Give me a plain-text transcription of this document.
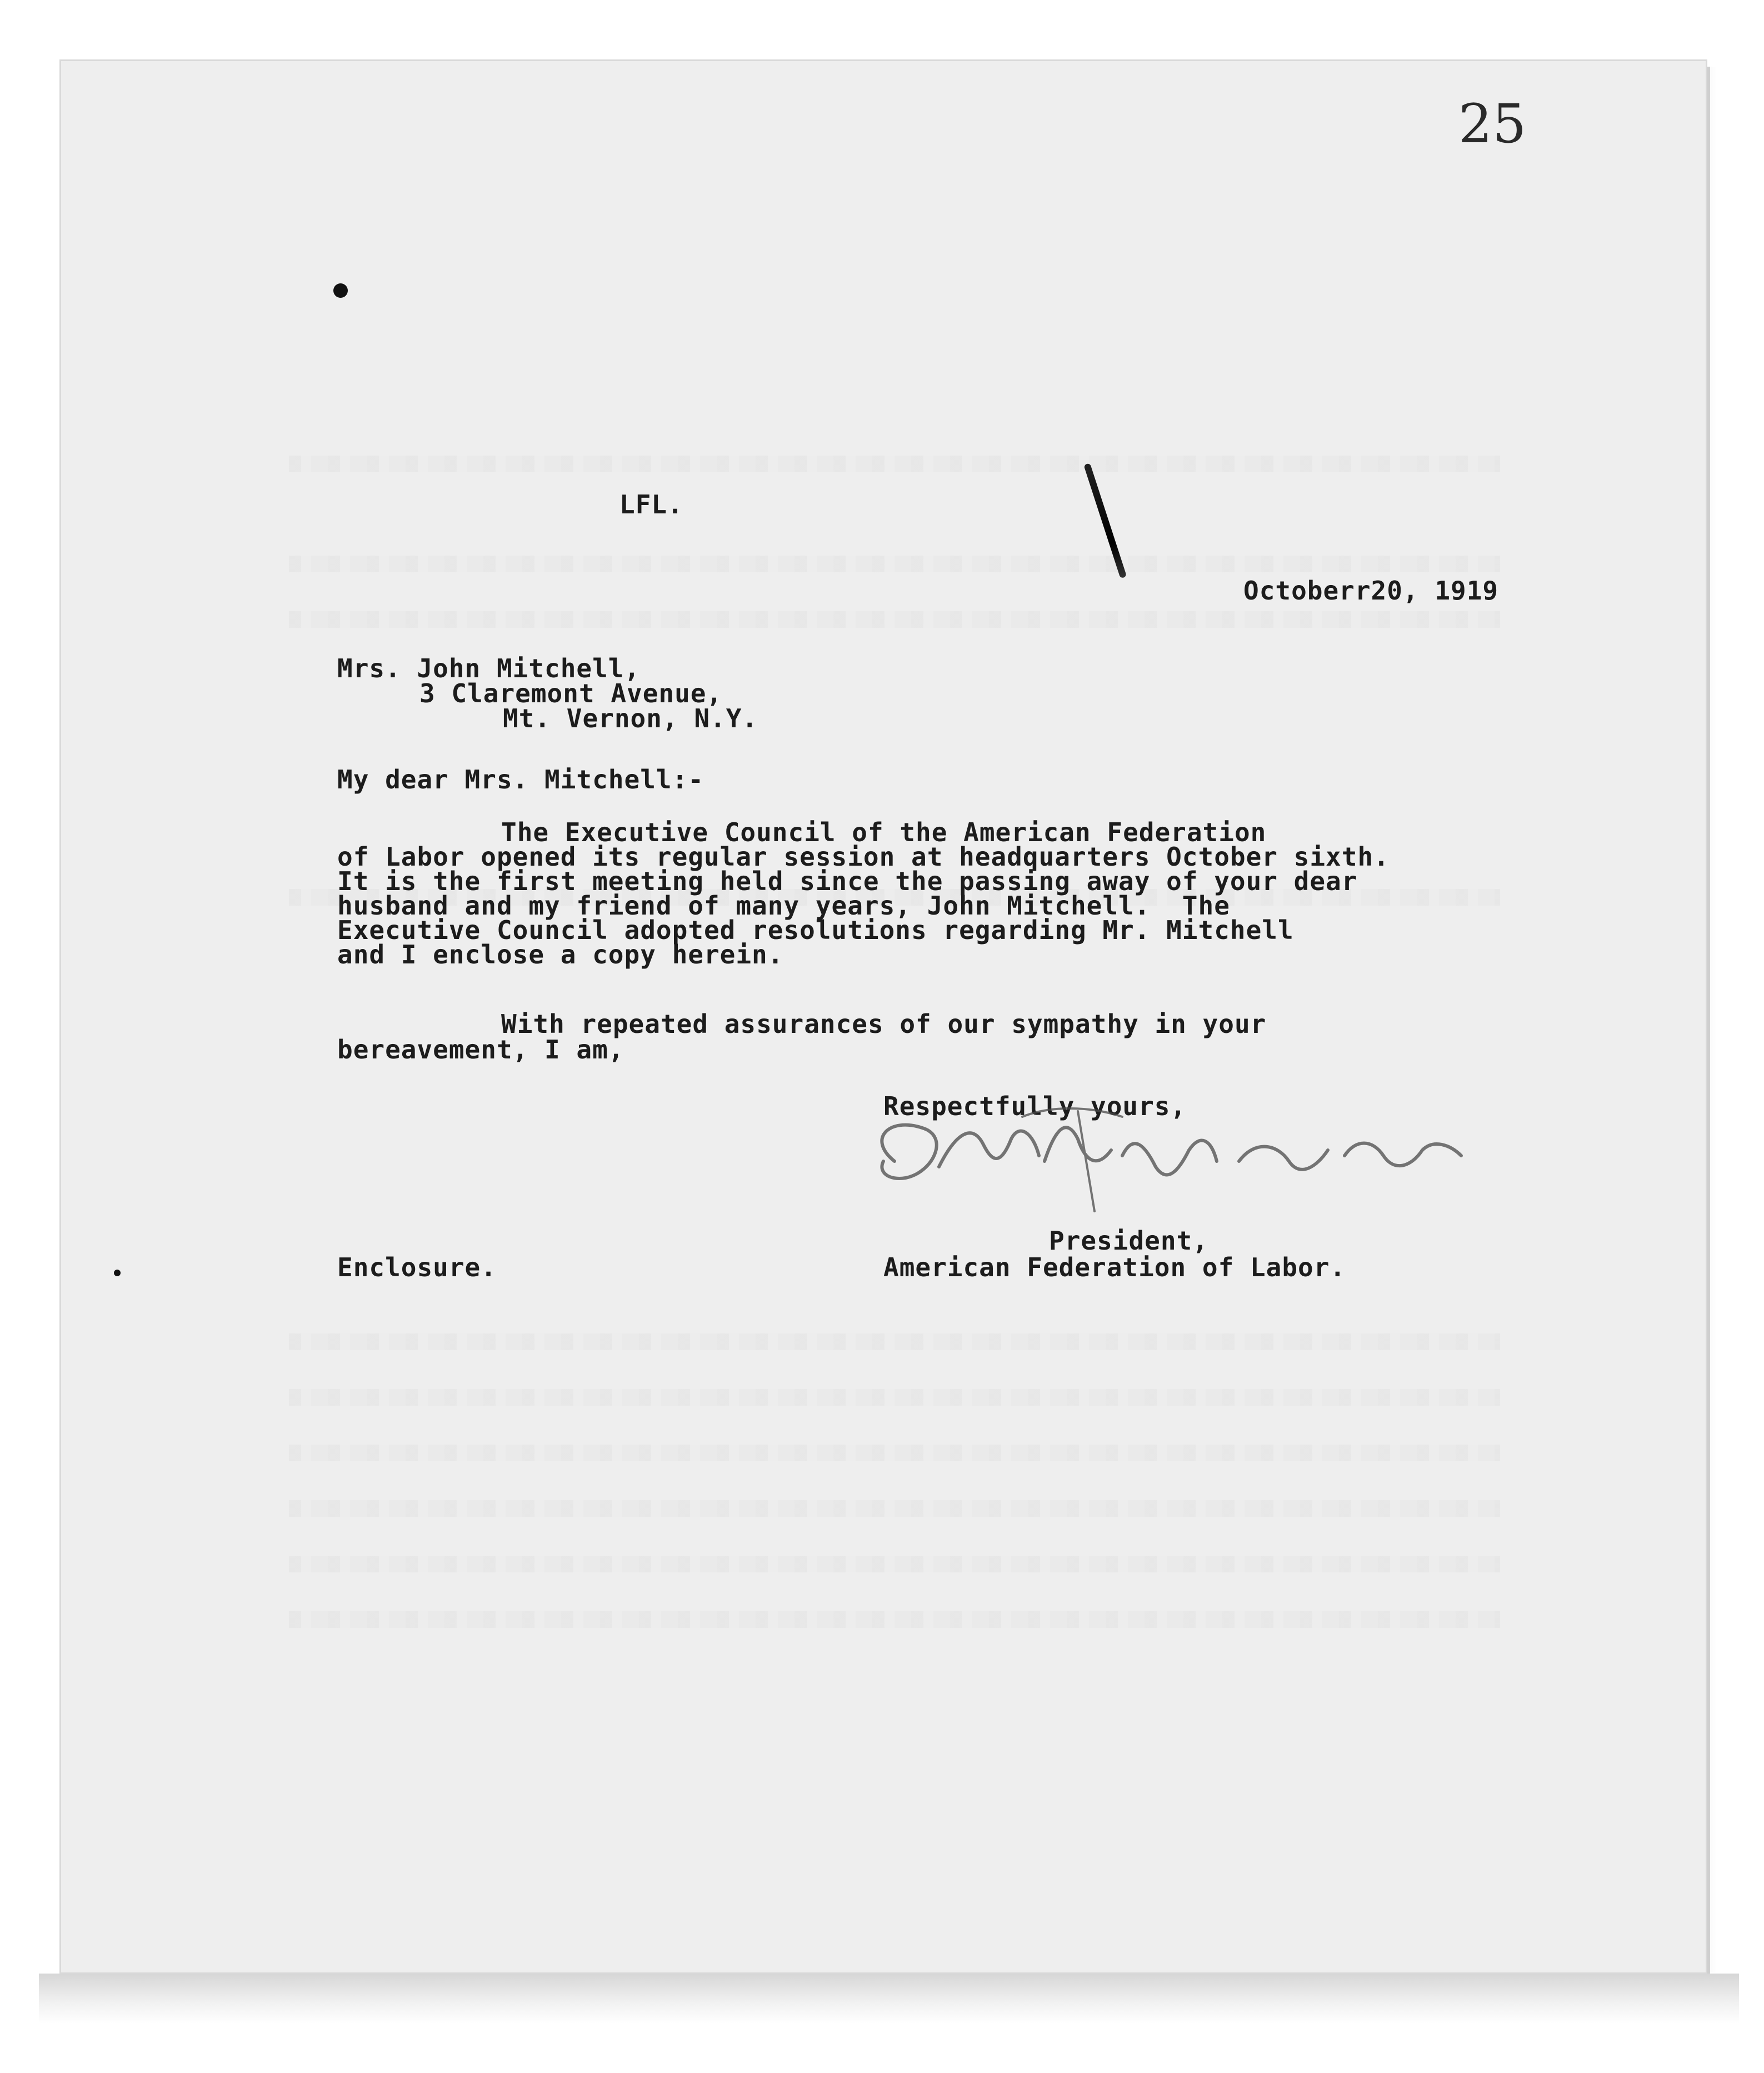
25
LFL.
Octoberr20, 1919
Mrs. John Mitchell,
3 Claremont Avenue,
Mt. Vernon, N.Y.
My dear Mrs. Mitchell:-
The Executive Council of the American Federation
of Labor opened its regular session at headquarters October sixth.
It is the first meeting held since the passing away of your dear
husband and my friend of many years, John Mitchell.  The
Executive Council adopted resolutions regarding Mr. Mitchell
and I enclose a copy herein.
With repeated assurances of our sympathy in your
bereavement, I am,
Respectfully yours,
President,
Enclosure.	American Federation of Labor.
